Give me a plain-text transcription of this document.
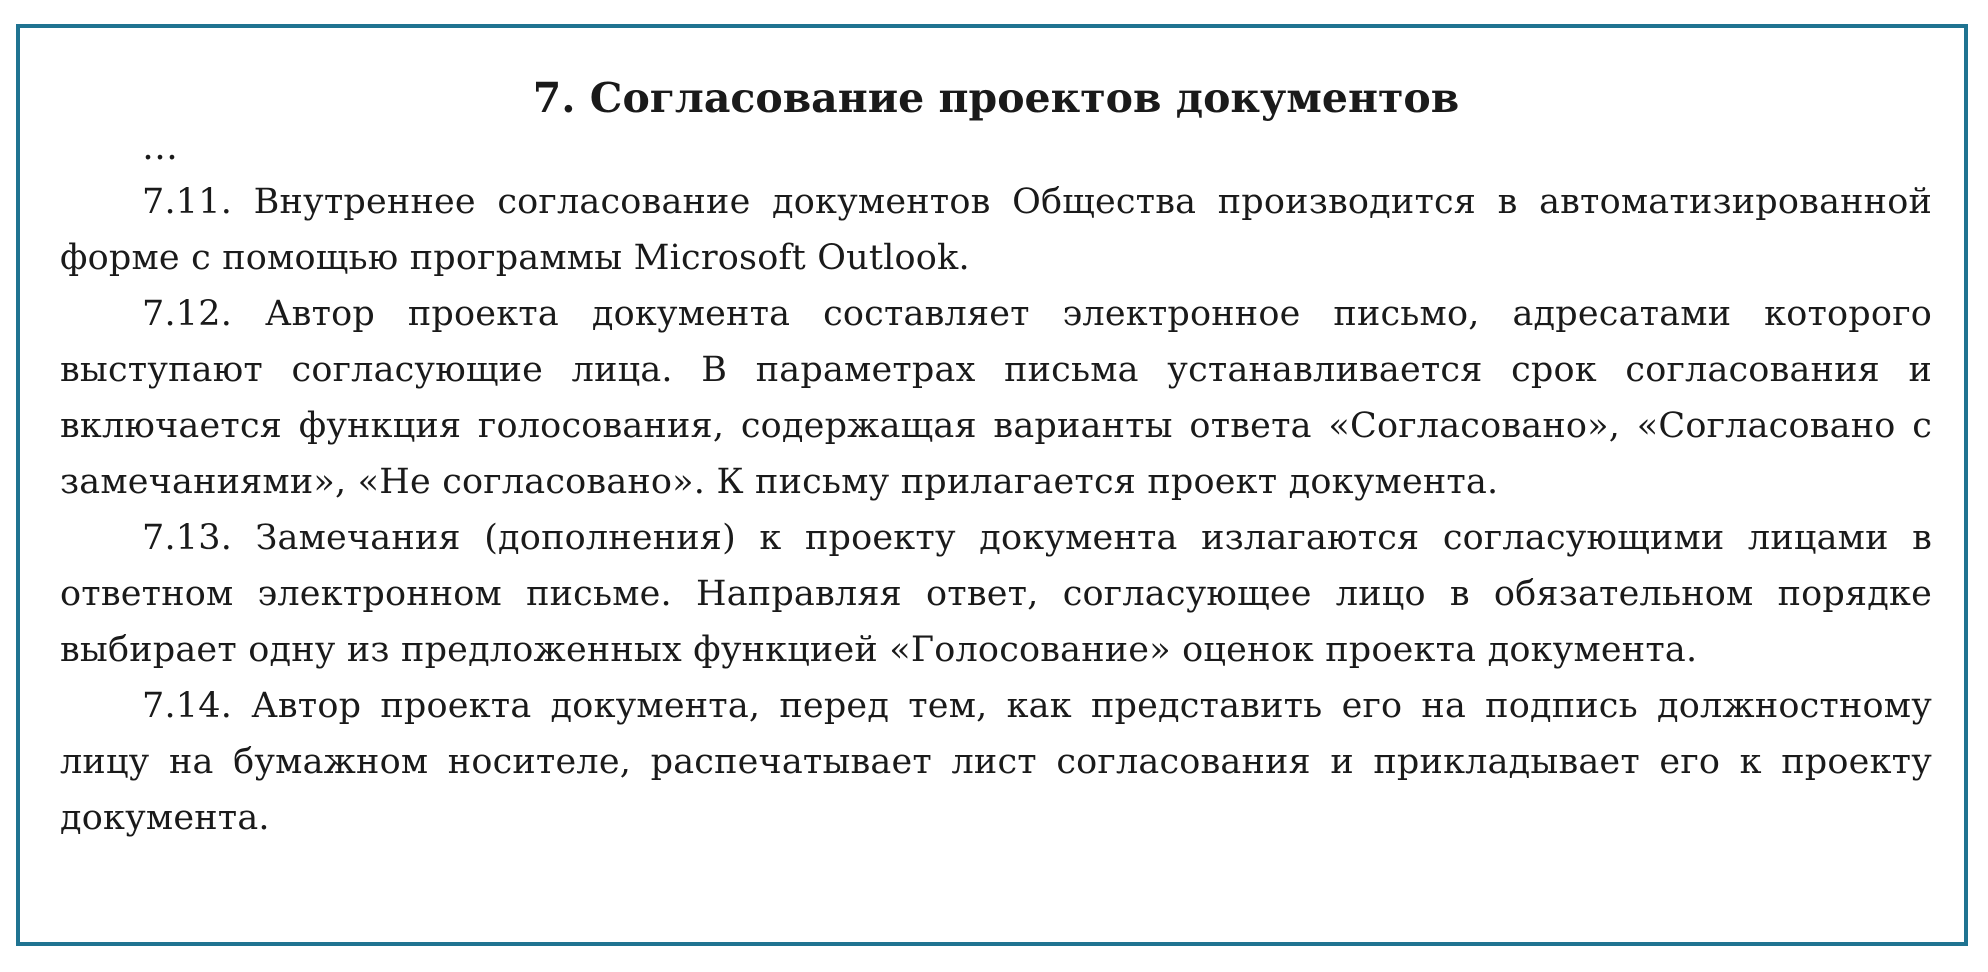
7. Согласование проектов документов
…

7.11. Внутреннее согласование документов Общества производится в автоматизированной форме с помощью программы Microsoft Outlook.

7.12. Автор проекта документа составляет электронное письмо, адресатами которого выступают согласующие лица. В параметрах письма устанавливается срок согласования и включается функция голосования, содержащая варианты ответа «Согласовано», «Согласовано с замечаниями», «Не согласовано». К письму прилагается проект документа.

7.13. Замечания (дополнения) к проекту документа излагаются согласующими лицами в ответном электронном письме. Направляя ответ, согласующее лицо в обязательном порядке выбирает одну из предложенных функцией «Голосование» оценок проекта документа.

7.14. Автор проекта документа, перед тем, как представить его на подпись должностному лицу на бумажном носителе, распечатывает лист согласования и прикладывает его к проекту документа.
